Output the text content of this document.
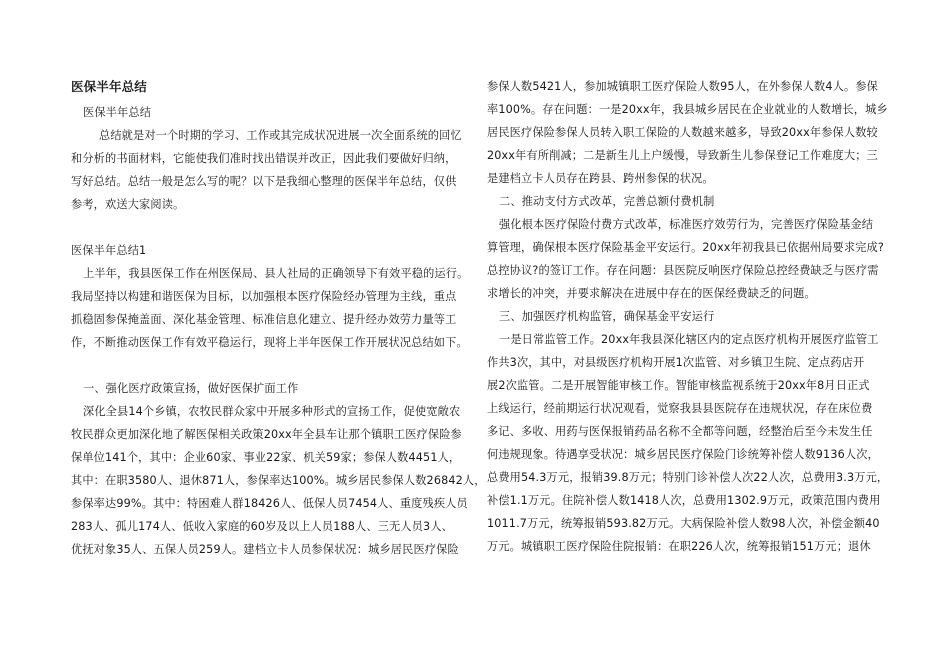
医保半年总结
医保半年总结
总结就是对一个时期的学习、工作或其完成状况进展一次全面系统的回忆
和分析的书面材料，它能使我们准时找出错误并改正，因此我们要做好归纳，
写好总结。总结一般是怎么写的呢？以下是我细心整理的医保半年总结，仅供
参考，欢送大家阅读。
医保半年总结1
上半年，我县医保工作在州医保局、县人社局的正确领导下有效平稳的运行。
我局坚持以构建和谐医保为目标，以加强根本医疗保险经办管理为主线，重点
抓稳固参保掩盖面、深化基金管理、标准信息化建立、提升经办效劳力量等工
作，不断推动医保工作有效平稳运行，现将上半年医保工作开展状况总结如下。
一、强化医疗政策宣扬，做好医保扩面工作
深化全县14个乡镇，农牧民群众家中开展多种形式的宣扬工作，促使宽敞农
牧民群众更加深化地了解医保相关政策20xx年全县车让那个镇职工医疗保险参
保单位141个，其中：企业60家、事业22家、机关59家；参保人数4451人，
其中：在职3580人、退休871人，参保率达100%。城乡居民参保人数26842人，
参保率达99%。其中：特困难人群18426人、低保人员7454人、重度残疾人员
283人、孤儿174人、低收入家庭的60岁及以上人员188人、三无人员3人、
优抚对象35人、五保人员259人。建档立卡人员参保状况：城乡居民医疗保险
参保人数5421人，参加城镇职工医疗保险人数95人，在外参保人数4人。参保
率100%。存在问题：一是20xx年，我县城乡居民在企业就业的人数增长，城乡
居民医疗保险参保人员转入职工保险的人数越来越多，导致20xx年参保人数较
20xx年有所削减；二是新生儿上户缓慢，导致新生儿参保登记工作难度大；三
是建档立卡人员存在跨县、跨州参保的状况。
二、推动支付方式改革，完善总额付费机制
强化根本医疗保险付费方式改革，标准医疗效劳行为，完善医疗保险基金结
算管理，确保根本医疗保险基金平安运行。20xx年初我县已依据州局要求完成?
总控协议?的签订工作。存在问题：县医院反响医疗保险总控经费缺乏与医疗需
求增长的冲突，并要求解决在进展中存在的医保经费缺乏的问题。
三、加强医疗机构监管，确保基金平安运行
一是日常监管工作。20xx年我县深化辖区内的定点医疗机构开展医疗监管工
作共3次，其中，对县级医疗机构开展1次监管、对乡镇卫生院、定点药店开
展2次监管。二是开展智能审核工作。智能审核监视系统于20xx年8月日正式
上线运行，经前期运行状况观看，觉察我县县医院存在违规状况，存在床位费
多记、多收、用药与医保报销药品名称不全都等问题，经整治后至今未发生任
何违规现象。待遇享受状况：城乡居民医疗保险门诊统筹补偿人数9136人次，
总费用54.3万元，报销39.8万元；特别门诊补偿人次22人次，总费用3.3万元，
补偿1.1万元。住院补偿人数1418人次，总费用1302.9万元，政策范围内费用
1011.7万元，统筹报销593.82万元。大病保险补偿人数98人次，补偿金额40
万元。城镇职工医疗保险住院报销：在职226人次，统筹报销151万元；退休
